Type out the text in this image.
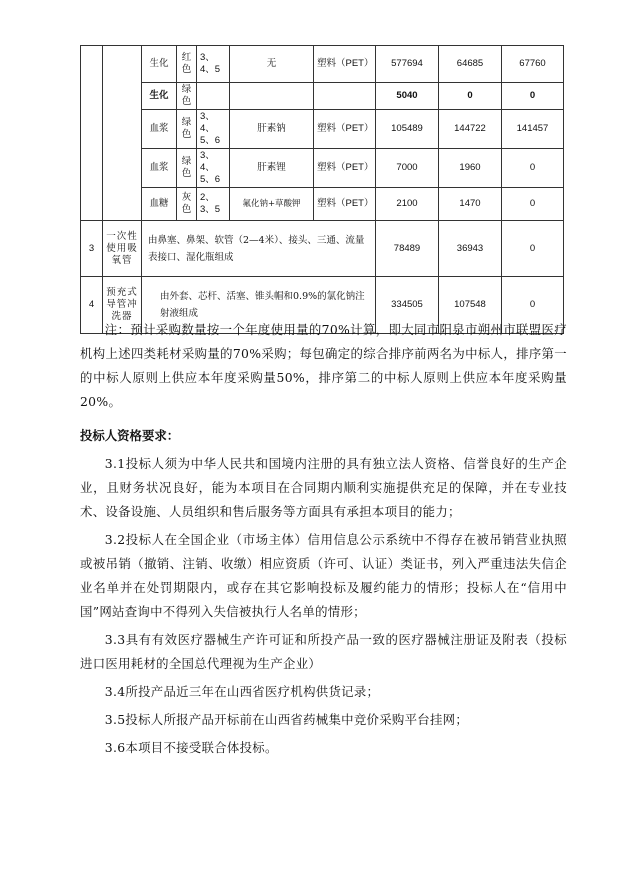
		生化	红色	3、4、5	无	塑料（PET）	577694	64685	67760
		生化	绿色				5040	0	0
		血浆	绿色	3、4、5、6	肝素钠	塑料（PET）	105489	144722	141457
		血浆	绿色	3、4、5、6	肝素锂	塑料（PET）	7000	1960	0
		血糖	灰色	2、3、5	氟化钠+草酸钾	塑料（PET）	2100	1470	0
3	一次性使用吸氧管	由鼻塞、鼻架、软管（2—4米）、接头、三通、流量表接口、湿化瓶组成					78489	36943	0
4	预充式导管冲洗器	由外套、芯杆、活塞、锥头帽和0.9%的氯化钠注射液组成					334505	107548	0

注：预计采购数量按一个年度使用量的70%计算，即大同市阳泉市朔州市联盟医疗机构上述四类耗材采购量的70%采购；每包确定的综合排序前两名为中标人，排序第一的中标人原则上供应本年度采购量50%，排序第二的中标人原则上供应本年度采购量20%。

投标人资格要求：

3.1投标人须为中华人民共和国境内注册的具有独立法人资格、信誉良好的生产企业，且财务状况良好，能为本项目在合同期内顺利实施提供充足的保障，并在专业技术、设备设施、人员组织和售后服务等方面具有承担本项目的能力；

3.2投标人在全国企业（市场主体）信用信息公示系统中不得存在被吊销营业执照或被吊销（撤销、注销、收缴）相应资质（许可、认证）类证书，列入严重违法失信企业名单并在处罚期限内，或存在其它影响投标及履约能力的情形；投标人在“信用中国”网站查询中不得列入失信被执行人名单的情形；

3.3具有有效医疗器械生产许可证和所投产品一致的医疗器械注册证及附表（投标进口医用耗材的全国总代理视为生产企业）

3.4所投产品近三年在山西省医疗机构供货记录；

3.5投标人所报产品开标前在山西省药械集中竞价采购平台挂网；

3.6本项目不接受联合体投标。
